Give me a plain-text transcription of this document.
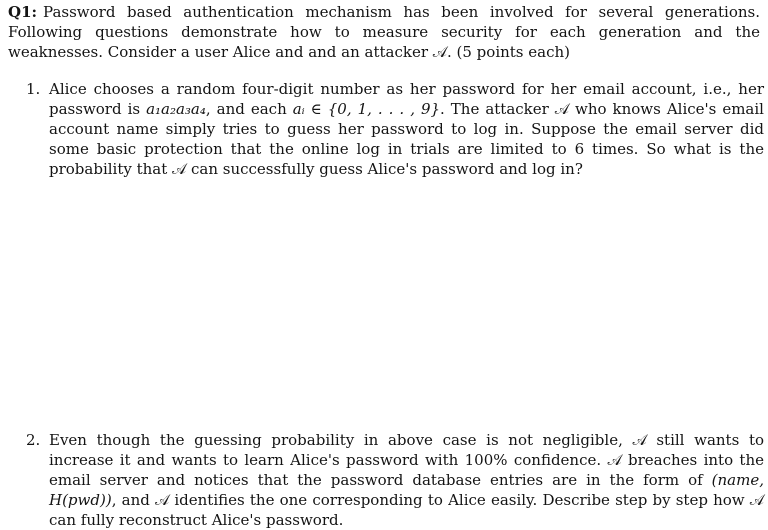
Q1: Password based authentication mechanism has been involved for several generations. Following questions demonstrate how to measure security for each generation and the weaknesses. Consider a user Alice and and an attacker 𝒜. (5 points each)
1. Alice chooses a random four-digit number as her password for her email account, i.e., her password is a₁a₂a₃a₄, and each aᵢ ∈ {0, 1, . . . , 9}. The attacker 𝒜 who knows Alice's email account name simply tries to guess her password to log in. Suppose the email server did some basic protection that the online log in trials are limited to 6 times. So what is the probability that 𝒜 can successfully guess Alice's password and log in?
2. Even though the guessing probability in above case is not negligible, 𝒜 still wants to increase it and wants to learn Alice's password with 100% confidence. 𝒜 breaches into the email server and notices that the password database entries are in the form of (name, H(pwd)), and 𝒜 identifies the one corresponding to Alice easily. Describe step by step how 𝒜 can fully reconstruct Alice's password.
